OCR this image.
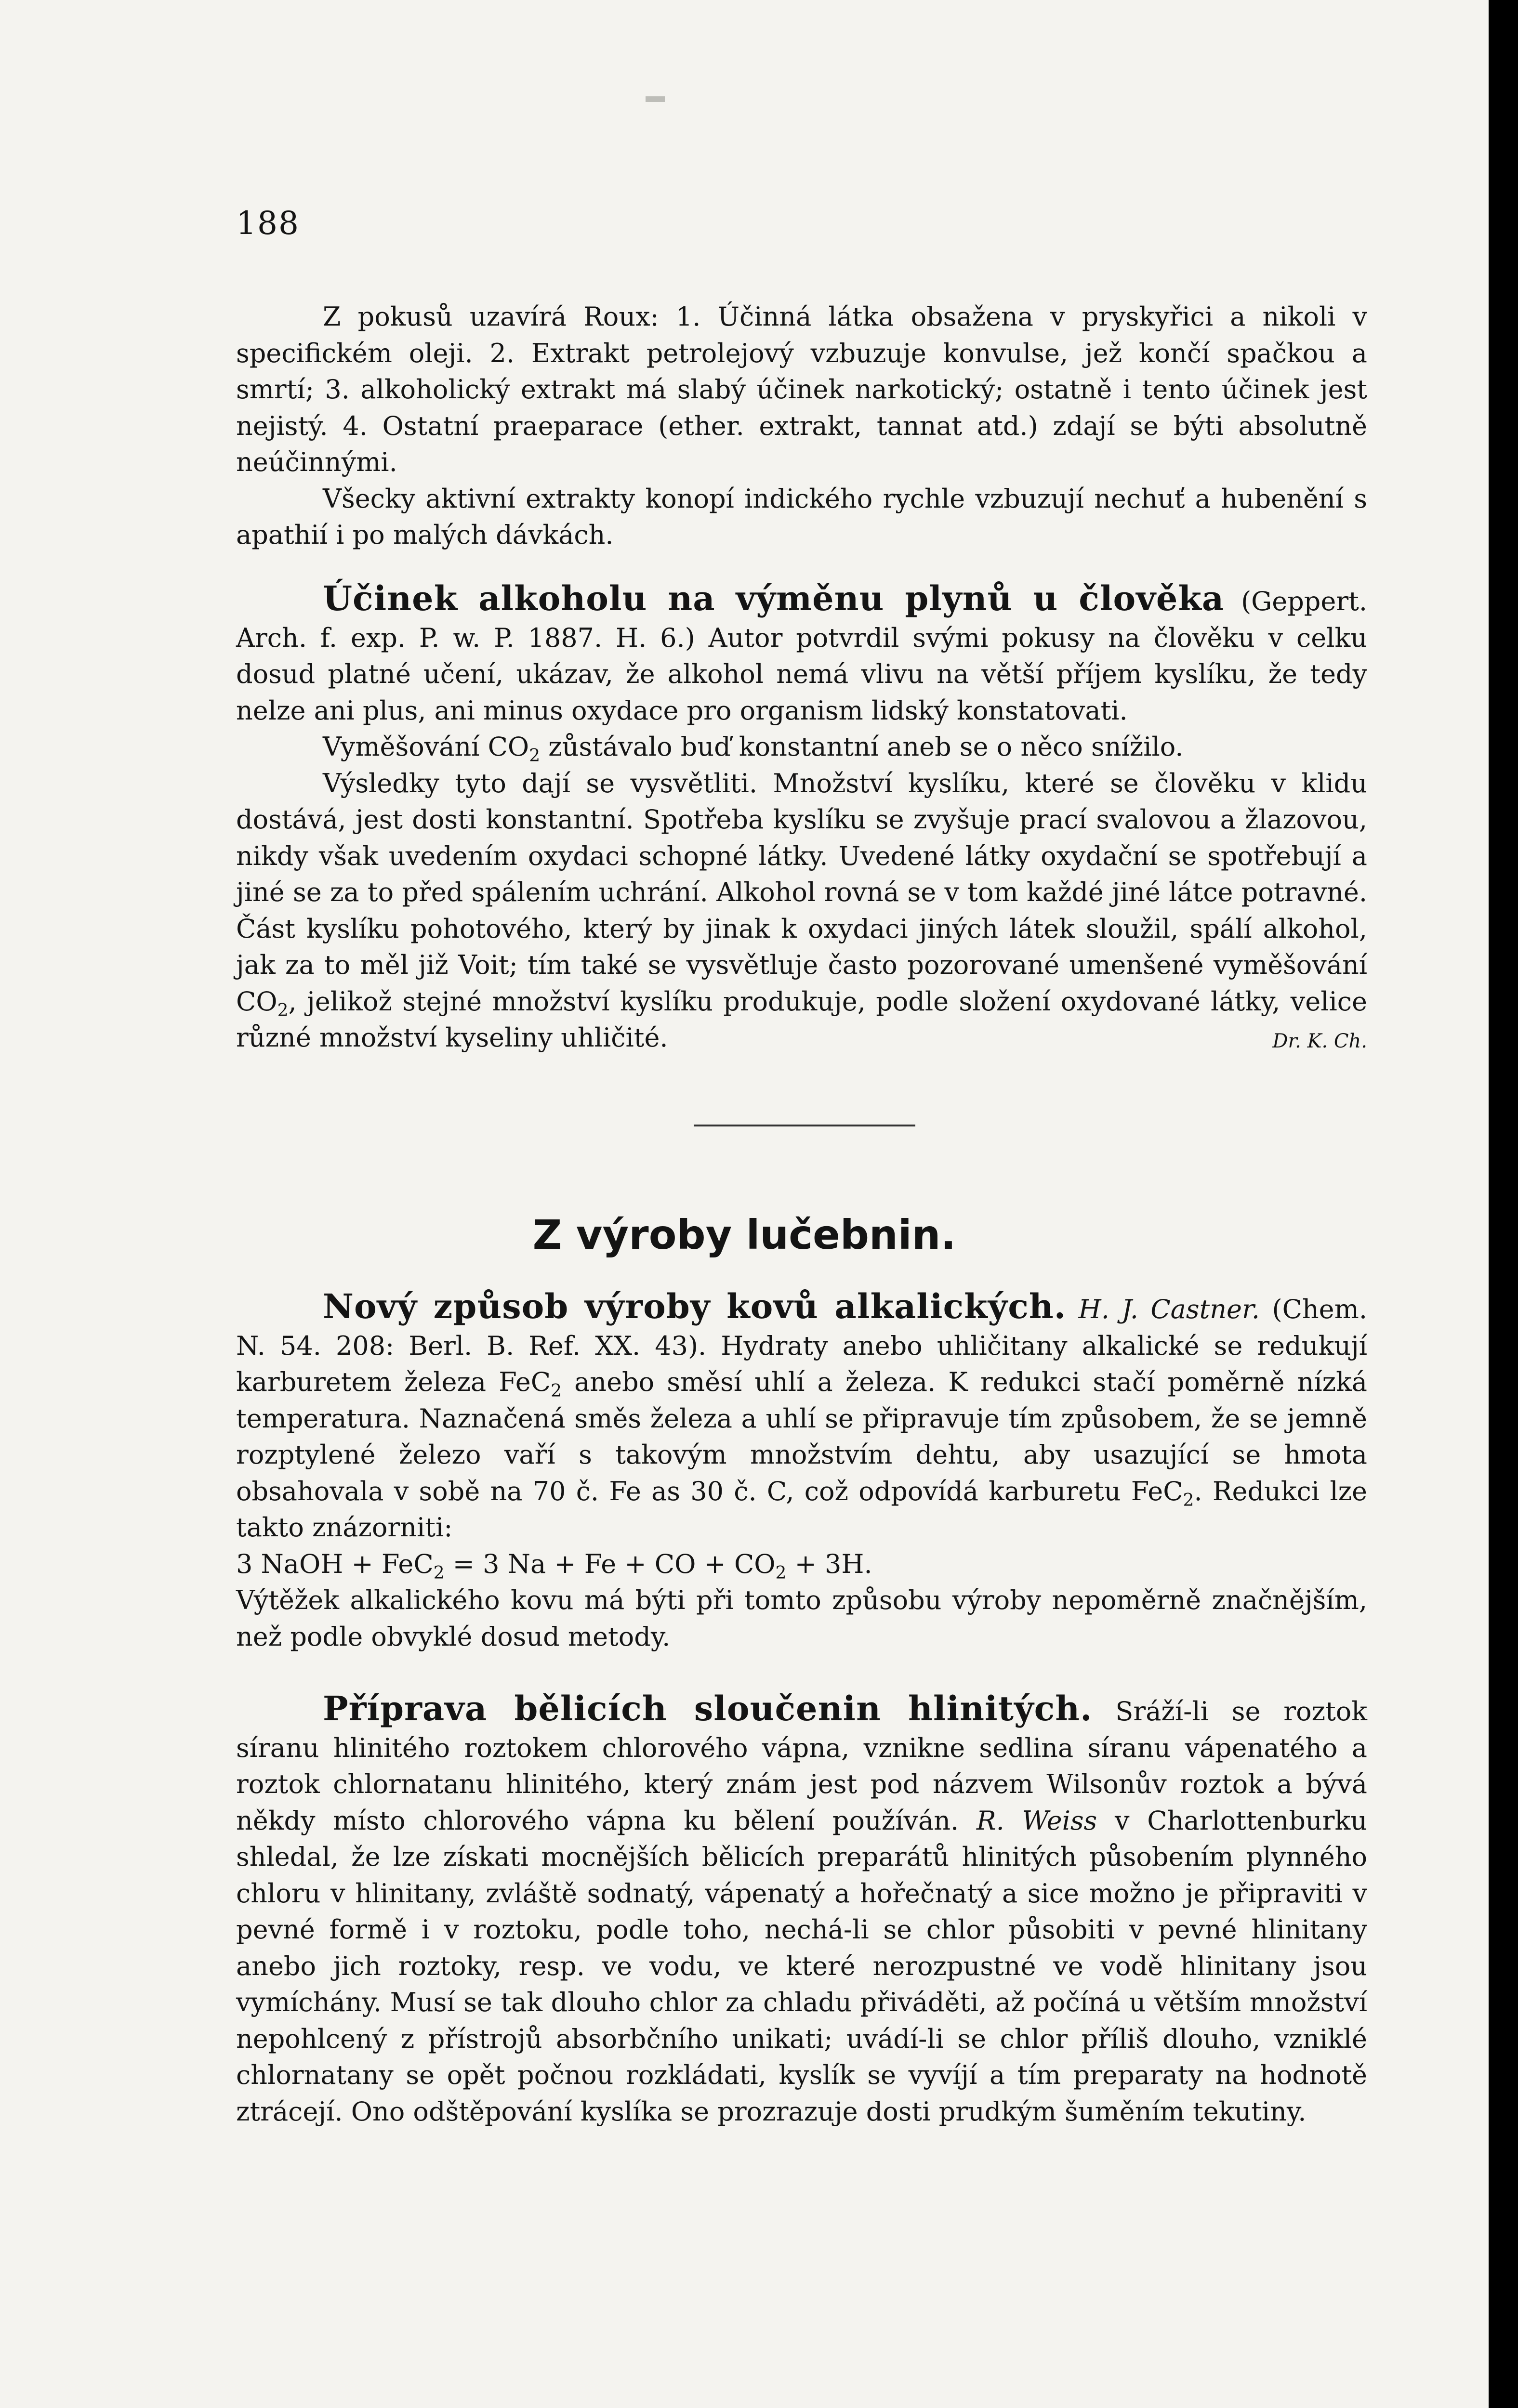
188

Z pokusů uzavírá Roux: 1. Účinná látka obsažena v pryskyřici a nikoli v specifickém oleji. 2. Extrakt petrolejový vzbuzuje konvulse, jež končí spačkou a smrtí; 3. alkoholický extrakt má slabý účinek narkotický; ostatně i tento účinek jest nejistý. 4. Ostatní praeparace (ether. extrakt, tannat atd.) zdají se býti absolutně neúčinnými.

Všecky aktivní extrakty konopí indického rychle vzbuzují nechuť a hubenění s apathií i po malých dávkách.

Účinek alkoholu na výměnu plynů u člověka (Geppert. Arch. f. exp. P. w. P. 1887. H. 6.) Autor potvrdil svými pokusy na člověku v celku dosud platné učení, ukázav, že alkohol nemá vlivu na větší příjem kyslíku, že tedy nelze ani plus, ani minus oxydace pro organism lidský konstatovati.

Vyměšování $CO_2$ zůstávalo buď konstantní aneb se o něco snížilo.

Výsledky tyto dají se vysvětliti. Množství kyslíku, které se člověku v klidu dostává, jest dosti konstantní. Spotřeba kyslíku se zvyšuje prací svalovou a žlazovou, nikdy však uvedením oxydaci schopné látky. Uvedené látky oxydační se spotřebují a jiné se za to před spálením uchrání. Alkohol rovná se v tom každé jiné látce potravné. Část kyslíku pohotového, který by jinak k oxydaci jiných látek sloužil, spálí alkohol, jak za to měl již Voit; tím také se vysvětluje často pozorované umenšené vyměšování $CO_2$, jelikož stejné množství kyslíku produkuje, podle složení oxydované látky, velice různé množství kyseliny uhličité.	Dr. K. Ch.

Z výroby lučebnin.

Nový způsob výroby kovů alkalických. H. J. Castner. (Chem. N. 54. 208: Berl. B. Ref. XX. 43). Hydraty anebo uhličitany alkalické se redukují karburetem železa FeC$_2$ anebo směsí uhlí a železa. K redukci stačí poměrně nízká temperatura. Naznačená směs železa a uhlí se připravuje tím způsobem, že se jemně rozptylené železo vaří s takovým množstvím dehtu, aby usazující se hmota obsahovala v sobě na 70 č. Fe as 30 č. C, což odpovídá karburetu FeC$_2$. Redukci lze takto znázorniti:

3 NaOH + FeC$_2$ = 3 Na + Fe + CO + $CO_2 + 3H$.

Výtěžek alkalického kovu má býti při tomto způsobu výroby nepoměrně značnějším, než podle obvyklé dosud metody.

Příprava bělicích sloučenin hlinitých. Sráží-li se roztok síranu hlinitého roztokem chlorového vápna, vznikne sedlina síranu vápenatého a roztok chlornatanu hlinitého, který znám jest pod názvem Wilsonův roztok a bývá někdy místo chlorového vápna ku bělení používán. R. Weiss v Charlottenburku shledal, že lze získati mocnějších bělicích preparátů hlinitých působením plynného chloru v hlinitany, zvláště sodnatý, vápenatý a hořečnatý a sice možno je připraviti v pevné formě i v roztoku, podle toho, nechá-li se chlor působiti v pevné hlinitany anebo jich roztoky, resp. ve vodu, ve které nerozpustné ve vodě hlinitany jsou vymíchány. Musí se tak dlouho chlor za chladu přiváděti, až počíná u větším množství nepohlcený z přístrojů absorbčního unikati; uvádí-li se chlor příliš dlouho, vzniklé chlornatany se opět počnou rozkládati, kyslík se vyvíjí a tím preparaty na hodnotě ztrácejí. Ono odštěpování kyslíka se prozrazuje dosti prudkým šuměním tekutiny.
